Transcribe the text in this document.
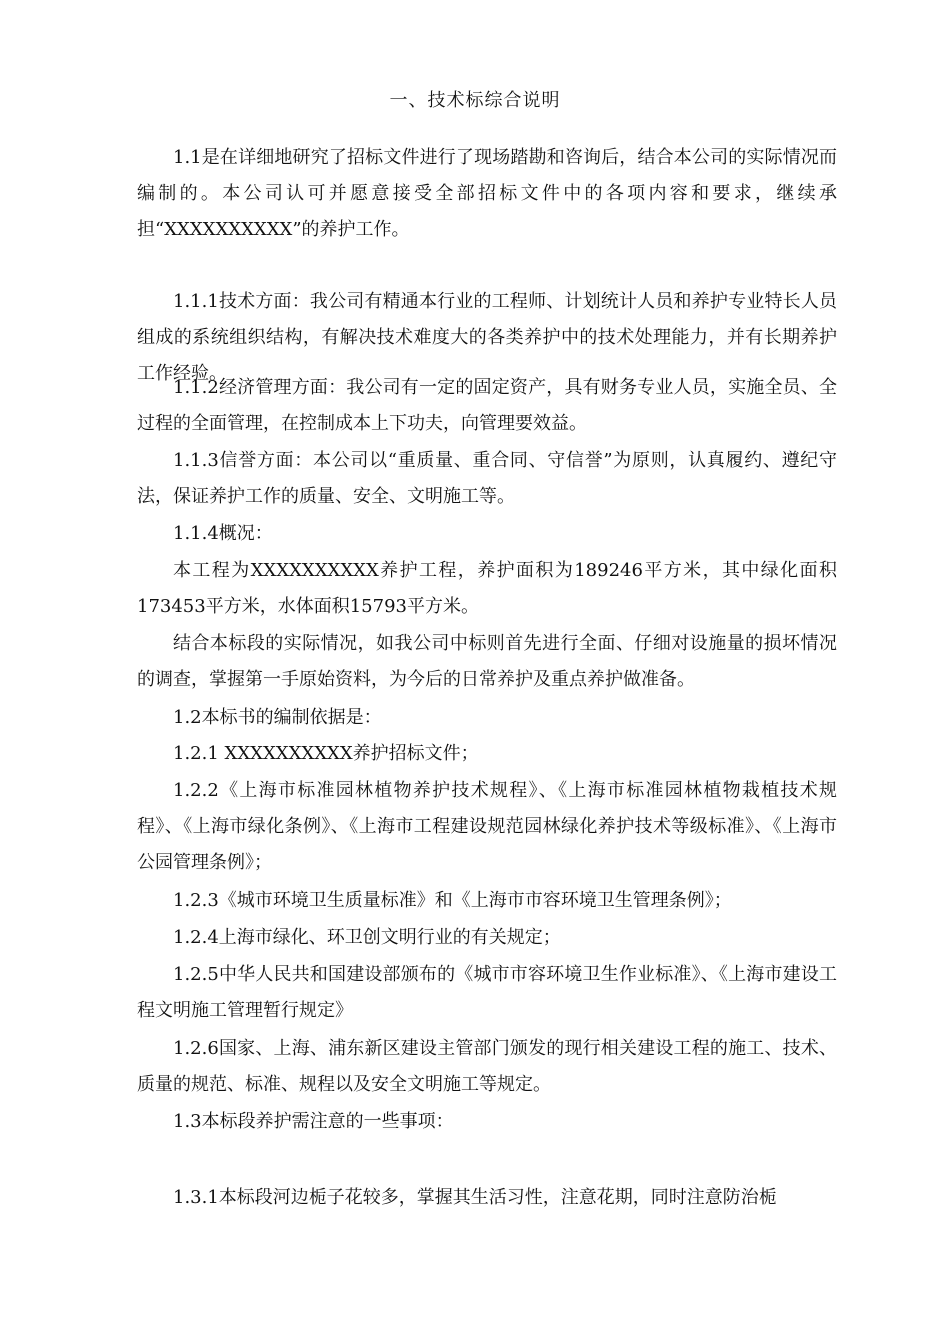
一、技术标综合说明

1.1是在详细地研究了招标文件进行了现场踏勘和咨询后，结合本公司的实际情况而编制的。本公司认可并愿意接受全部招标文件中的各项内容和要求，继续承担“XXXXXXXXXX”的养护工作。

1.1.1技术方面：我公司有精通本行业的工程师、计划统计人员和养护专业特长人员组成的系统组织结构，有解决技术难度大的各类养护中的技术处理能力，并有长期养护工作经验。

1.1.2经济管理方面：我公司有一定的固定资产，具有财务专业人员，实施全员、全过程的全面管理，在控制成本上下功夫，向管理要效益。

1.1.3信誉方面：本公司以“重质量、重合同、守信誉”为原则，认真履约、遵纪守法，保证养护工作的质量、安全、文明施工等。

1.1.4概况：

本工程为XXXXXXXXXX养护工程，养护面积为189246平方米，其中绿化面积173453平方米，水体面积15793平方米。

结合本标段的实际情况，如我公司中标则首先进行全面、仔细对设施量的损坏情况的调查，掌握第一手原始资料，为今后的日常养护及重点养护做准备。

1.2本标书的编制依据是：

1.2.1 XXXXXXXXXX养护招标文件；

1.2.2《上海市标准园林植物养护技术规程》、《上海市标准园林植物栽植技术规程》、《上海市绿化条例》、《上海市工程建设规范园林绿化养护技术等级标准》、《上海市公园管理条例》；

1.2.3《城市环境卫生质量标准》和《上海市市容环境卫生管理条例》；

1.2.4上海市绿化、环卫创文明行业的有关规定；

1.2.5中华人民共和国建设部颁布的《城市市容环境卫生作业标准》、《上海市建设工程文明施工管理暂行规定》

1.2.6国家、上海、浦东新区建设主管部门颁发的现行相关建设工程的施工、技术、质量的规范、标准、规程以及安全文明施工等规定。

1.3本标段养护需注意的一些事项：

1.3.1本标段河边栀子花较多，掌握其生活习性，注意花期，同时注意防治栀
